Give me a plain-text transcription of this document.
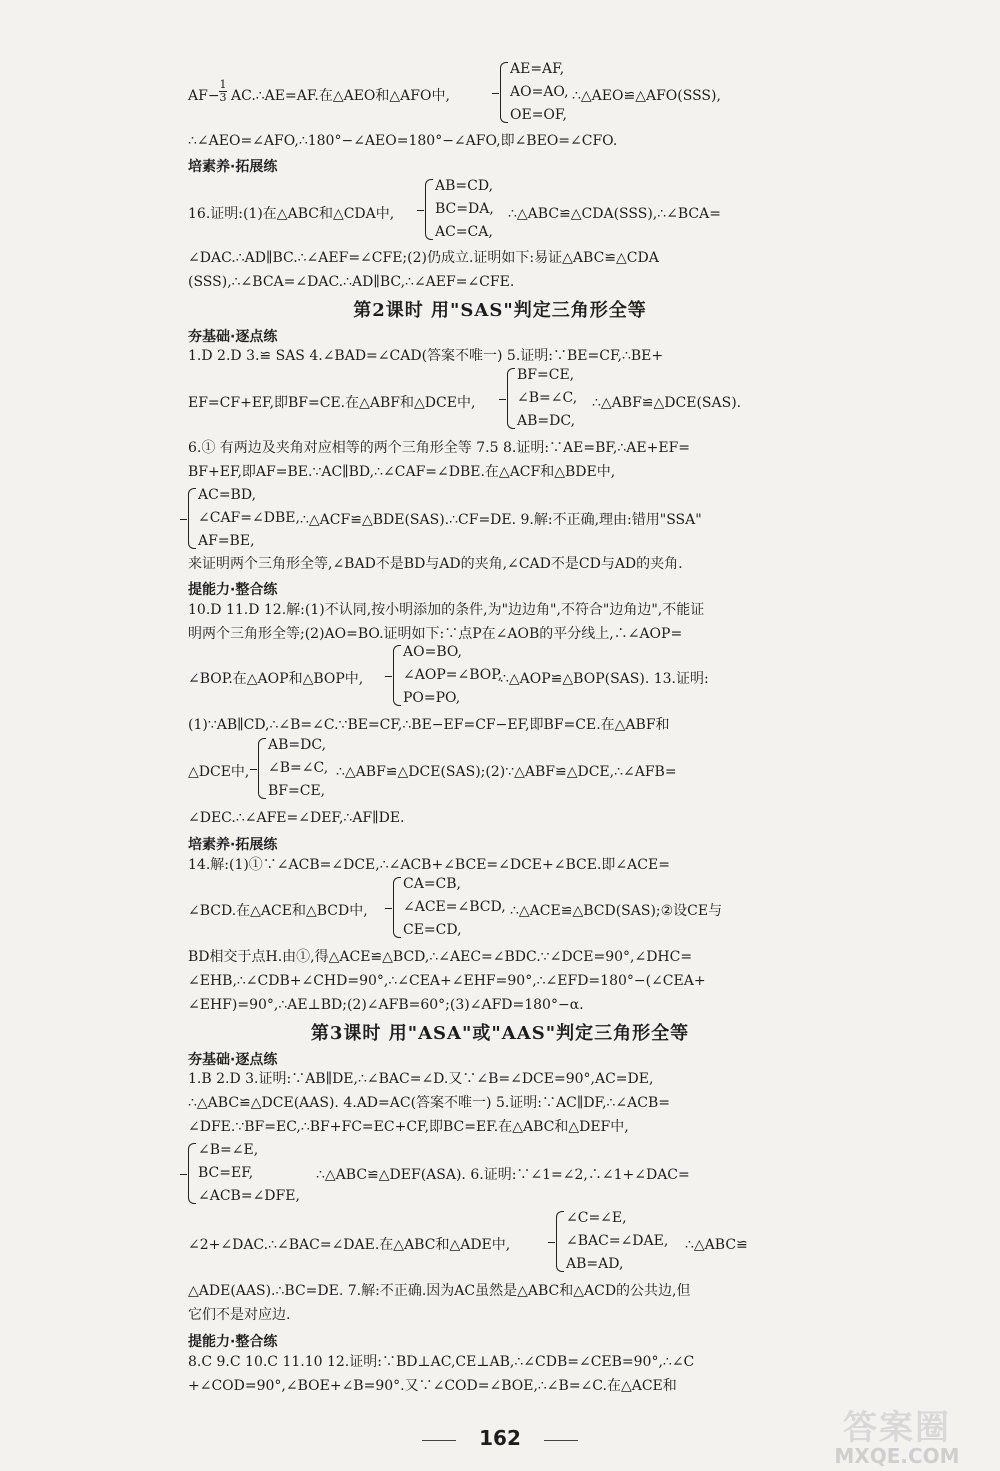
$AF- \frac{1}{3}$ AC.∴AE=AF.在△AEO和△AFO中,
AE=AF,
AO=AO,
OE=OF,
∴△AEO≌△AFO(SSS),
∴∠AEO=∠AFO,∴180°−∠AEO=180°−∠AFO,即∠BEO=∠CFO.
培素养·拓展练
16.证明:(1)在△ABC和△CDA中,
AB=CD,
BC=DA,
AC=CA,
∴△ABC≌△CDA(SSS),∴∠BCA=
∠DAC.∴AD∥BC.∴∠AEF=∠CFE;(2)仍成立.证明如下:易证△ABC≌△CDA
(SSS),∴∠BCA=∠DAC.∴AD∥BC,∴∠AEF=∠CFE.
第2课时 用"SAS"判定三角形全等
夯基础·逐点练
1.D 2.D 3.≌ SAS 4.∠BAD=∠CAD(答案不唯一) 5.证明:∵BE=CF,∴BE+
EF=CF+EF,即BF=CE.在△ABF和△DCE中,
BF=CE,
∠B=∠C,
AB=DC,
∴△ABF≌△DCE(SAS).
6.① 有两边及夹角对应相等的两个三角形全等 7.5 8.证明:∵AE=BF,∴AE+EF=
BF+EF,即AF=BE.∵AC∥BD,∴∠CAF=∠DBE.在△ACF和△BDE中,
AC=BD,
∠CAF=∠DBE,
AF=BE,
∴△ACF≌△BDE(SAS).∴CF=DE. 9.解:不正确,理由:错用"SSA"
来证明两个三角形全等,∠BAD不是BD与AD的夹角,∠CAD不是CD与AD的夹角.
提能力·整合练
10.D 11.D 12.解:(1)不认同,按小明添加的条件,为"边边角",不符合"边角边",不能证
明两个三角形全等;(2)AO=BO.证明如下:∵点P在∠AOB的平分线上,∴∠AOP=
∠BOP.在△AOP和△BOP中,
AO=BO,
∠AOP=∠BOP,
PO=PO,
∴△AOP≌△BOP(SAS). 13.证明:
(1)∵AB∥CD,∴∠B=∠C.∵BE=CF,∴BE−EF=CF−EF,即BF=CE.在△ABF和
△DCE中,
AB=DC,
∠B=∠C,
BF=CE,
∴△ABF≌△DCE(SAS);(2)∵△ABF≌△DCE,∴∠AFB=
∠DEC.∴∠AFE=∠DEF,∴AF∥DE.
培素养·拓展练
14.解:(1)①∵∠ACB=∠DCE,∴∠ACB+∠BCE=∠DCE+∠BCE.即∠ACE=
∠BCD.在△ACE和△BCD中,
CA=CB,
∠ACE=∠BCD,
CE=CD,
∴△ACE≌△BCD(SAS);②设CE与
BD相交于点H.由①,得△ACE≌△BCD,∴∠AEC=∠BDC.∵∠DCE=90°,∠DHC=
∠EHB,∴∠CDB+∠CHD=90°,∴∠CEA+∠EHF=90°,∴∠EFD=180°−(∠CEA+
∠EHF)=90°,∴AE⊥BD;(2)∠AFB=60°;(3)∠AFD=180°−α.
第3课时 用"ASA"或"AAS"判定三角形全等
夯基础·逐点练
1.B 2.D 3.证明:∵AB∥DE,∴∠BAC=∠D.又∵∠B=∠DCE=90°,AC=DE,
∴△ABC≌△DCE(AAS). 4.AD=AC(答案不唯一) 5.证明:∵AC∥DF,∴∠ACB=
∠DFE.∵BF=EC,∴BF+FC=EC+CF,即BC=EF.在△ABC和△DEF中,
∠B=∠E,
BC=EF,
∠ACB=∠DFE,
∴△ABC≌△DEF(ASA). 6.证明:∵∠1=∠2,∴∠1+∠DAC=
∠2+∠DAC.∴∠BAC=∠DAE.在△ABC和△ADE中,
∠C=∠E,
∠BAC=∠DAE,
AB=AD,
∴△ABC≌
△ADE(AAS).∴BC=DE. 7.解:不正确.因为AC虽然是△ABC和△ACD的公共边,但
它们不是对应边.
提能力·整合练
8.C 9.C 10.C 11.10 12.证明:∵BD⊥AC,CE⊥AB,∴∠CDB=∠CEB=90°,∴∠C
+∠COD=90°,∠BOE+∠B=90°.又∵∠COD=∠BOE,∴∠B=∠C.在△ACE和
162	答案圈
MXQE.COM
